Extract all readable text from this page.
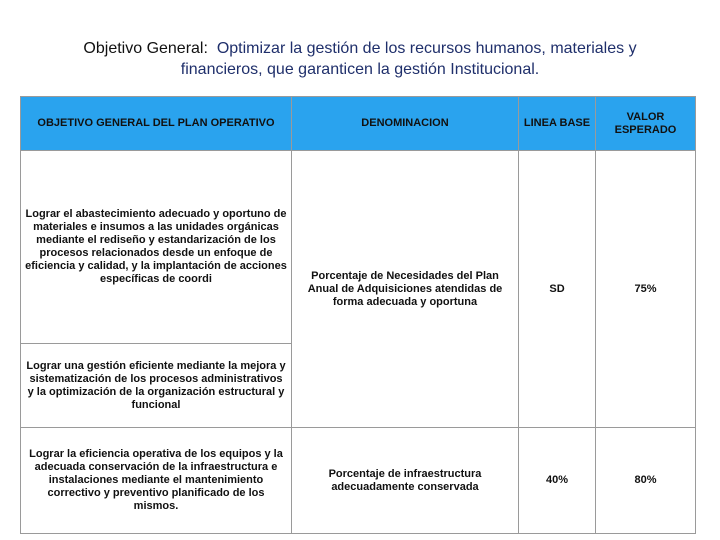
Objetivo General: Optimizar la gestión de los recursos humanos, materiales y
financieros, que garanticen la gestión Institucional.
OBJETIVO GENERAL DEL PLAN OPERATIVO	DENOMINACION	LINEA BASE	VALOR ESPERADO
Lograr el abastecimiento adecuado y oportuno de materiales e insumos a las unidades orgánicas mediante el rediseño y estandarización de los procesos relacionados desde un enfoque de eficiencia y calidad, y la implantación de acciones específicas de coordi	Porcentaje de Necesidades del Plan Anual de Adquisiciones atendidas de forma adecuada y oportuna	SD	75%
Lograr una gestión eficiente mediante la mejora y sistematización de los procesos administrativos y la optimización de la organización estructural y funcional			
Lograr la eficiencia operativa de los equipos y la adecuada conservación de la infraestructura e instalaciones mediante el mantenimiento correctivo y preventivo planificado de los mismos.	Porcentaje de infraestructura adecuadamente conservada	40%	80%
